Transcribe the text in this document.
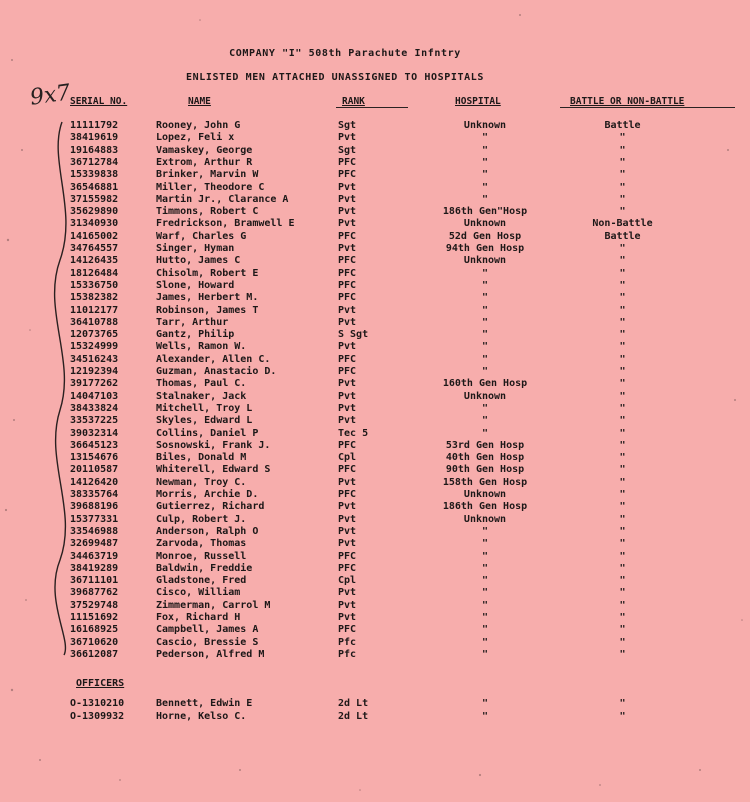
COMPANY "I" 508th Parachute Infntry
ENLISTED MEN ATTACHED UNASSIGNED TO HOSPITALS
9x7
SERIAL NO.	NAME	RANK	HOSPITAL	BATTLE OR NON-BATTLE
11111792	Rooney, John G	Sgt	Unknown	Battle
38419619	Lopez, Feli x	Pvt	"	"
19164883	Vamaskey, George	Sgt	"	"
36712784	Extrom, Arthur R	PFC	"	"
15339838	Brinker, Marvin W	PFC	"	"
36546881	Miller, Theodore C	Pvt	"	"
37155982	Martin Jr., Clarance A	Pvt	"	"
35629890	Timmons, Robert C	Pvt	186th Gen"Hosp	"
31340930	Fredrickson, Bramwell E	Pvt	Unknown	Non-Battle
14165002	Warf, Charles G	PFC	52d Gen Hosp	Battle
34764557	Singer, Hyman	Pvt	94th Gen Hosp	"
14126435	Hutto, James C	PFC	Unknown	"
18126484	Chisolm, Robert E	PFC	"	"
15336750	Slone, Howard	PFC	"	"
15382382	James, Herbert M.	PFC	"	"
11012177	Robinson, James T	Pvt	"	"
36410788	Tarr, Arthur	Pvt	"	"
12073765	Gantz, Philip	S Sgt	"	"
15324999	Wells, Ramon W.	Pvt	"	"
34516243	Alexander, Allen C.	PFC	"	"
12192394	Guzman, Anastacio D.	PFC	"	"
39177262	Thomas, Paul C.	Pvt	160th Gen Hosp	"
14047103	Stalnaker, Jack	Pvt	Unknown	"
38433824	Mitchell, Troy L	Pvt	"	"
33537225	Skyles, Edward L	Pvt	"	"
39032314	Collins, Daniel P	Tec 5	"	"
36645123	Sosnowski, Frank J.	PFC	53rd Gen Hosp	"
13154676	Biles, Donald M	Cpl	40th Gen Hosp	"
20110587	Whiterell, Edward S	PFC	90th Gen Hosp	"
14126420	Newman, Troy C.	Pvt	158th Gen Hosp	"
38335764	Morris, Archie D.	PFC	Unknown	"
39688196	Gutierrez, Richard	Pvt	186th Gen Hosp	"
15377331	Culp, Robert J.	Pvt	Unknown	"
33546988	Anderson, Ralph O	Pvt	"	"
32699487	Zarvoda, Thomas	Pvt	"	"
34463719	Monroe, Russell	PFC	"	"
38419289	Baldwin, Freddie	PFC	"	"
36711101	Gladstone, Fred	Cpl	"	"
39687762	Cisco, William	Pvt	"	"
37529748	Zimmerman, Carrol M	Pvt	"	"
11151692	Fox, Richard H	Pvt	"	"
16168925	Campbell, James A	PFC	"	"
36710620	Cascio, Bressie S	Pfc	"	"
36612087	Pederson, Alfred M	Pfc	"	"
OFFICERS
O-1310210	Bennett, Edwin E	2d Lt	"	"
O-1309932	Horne, Kelso C.	2d Lt	"	"
